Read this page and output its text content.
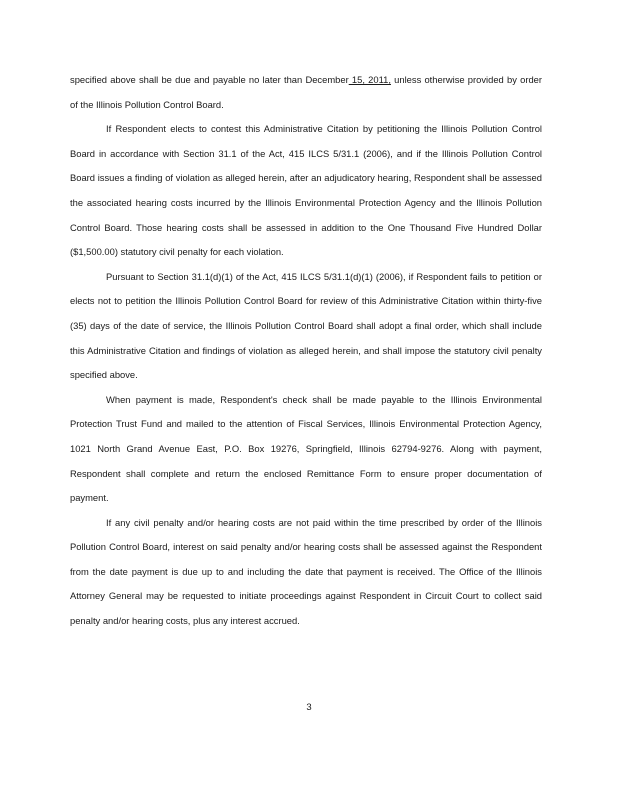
specified above shall be due and payable no later than December 15, 2011, unless otherwise provided by order of the Illinois Pollution Control Board.

If Respondent elects to contest this Administrative Citation by petitioning the Illinois Pollution Control Board in accordance with Section 31.1 of the Act, 415 ILCS 5/31.1 (2006), and if the Illinois Pollution Control Board issues a finding of violation as alleged herein, after an adjudicatory hearing, Respondent shall be assessed the associated hearing costs incurred by the Illinois Environmental Protection Agency and the Illinois Pollution Control Board. Those hearing costs shall be assessed in addition to the One Thousand Five Hundred Dollar ($1,500.00) statutory civil penalty for each violation.

Pursuant to Section 31.1(d)(1) of the Act, 415 ILCS 5/31.1(d)(1) (2006), if Respondent fails to petition or elects not to petition the Illinois Pollution Control Board for review of this Administrative Citation within thirty-five (35) days of the date of service, the Illinois Pollution Control Board shall adopt a final order, which shall include this Administrative Citation and findings of violation as alleged herein, and shall impose the statutory civil penalty specified above.

When payment is made, Respondent's check shall be made payable to the Illinois Environmental Protection Trust Fund and mailed to the attention of Fiscal Services, Illinois Environmental Protection Agency, 1021 North Grand Avenue East, P.O. Box 19276, Springfield, Illinois 62794-9276. Along with payment, Respondent shall complete and return the enclosed Remittance Form to ensure proper documentation of payment.

If any civil penalty and/or hearing costs are not paid within the time prescribed by order of the Illinois Pollution Control Board, interest on said penalty and/or hearing costs shall be assessed against the Respondent from the date payment is due up to and including the date that payment is received. The Office of the Illinois Attorney General may be requested to initiate proceedings against Respondent in Circuit Court to collect said penalty and/or hearing costs, plus any interest accrued.

3
